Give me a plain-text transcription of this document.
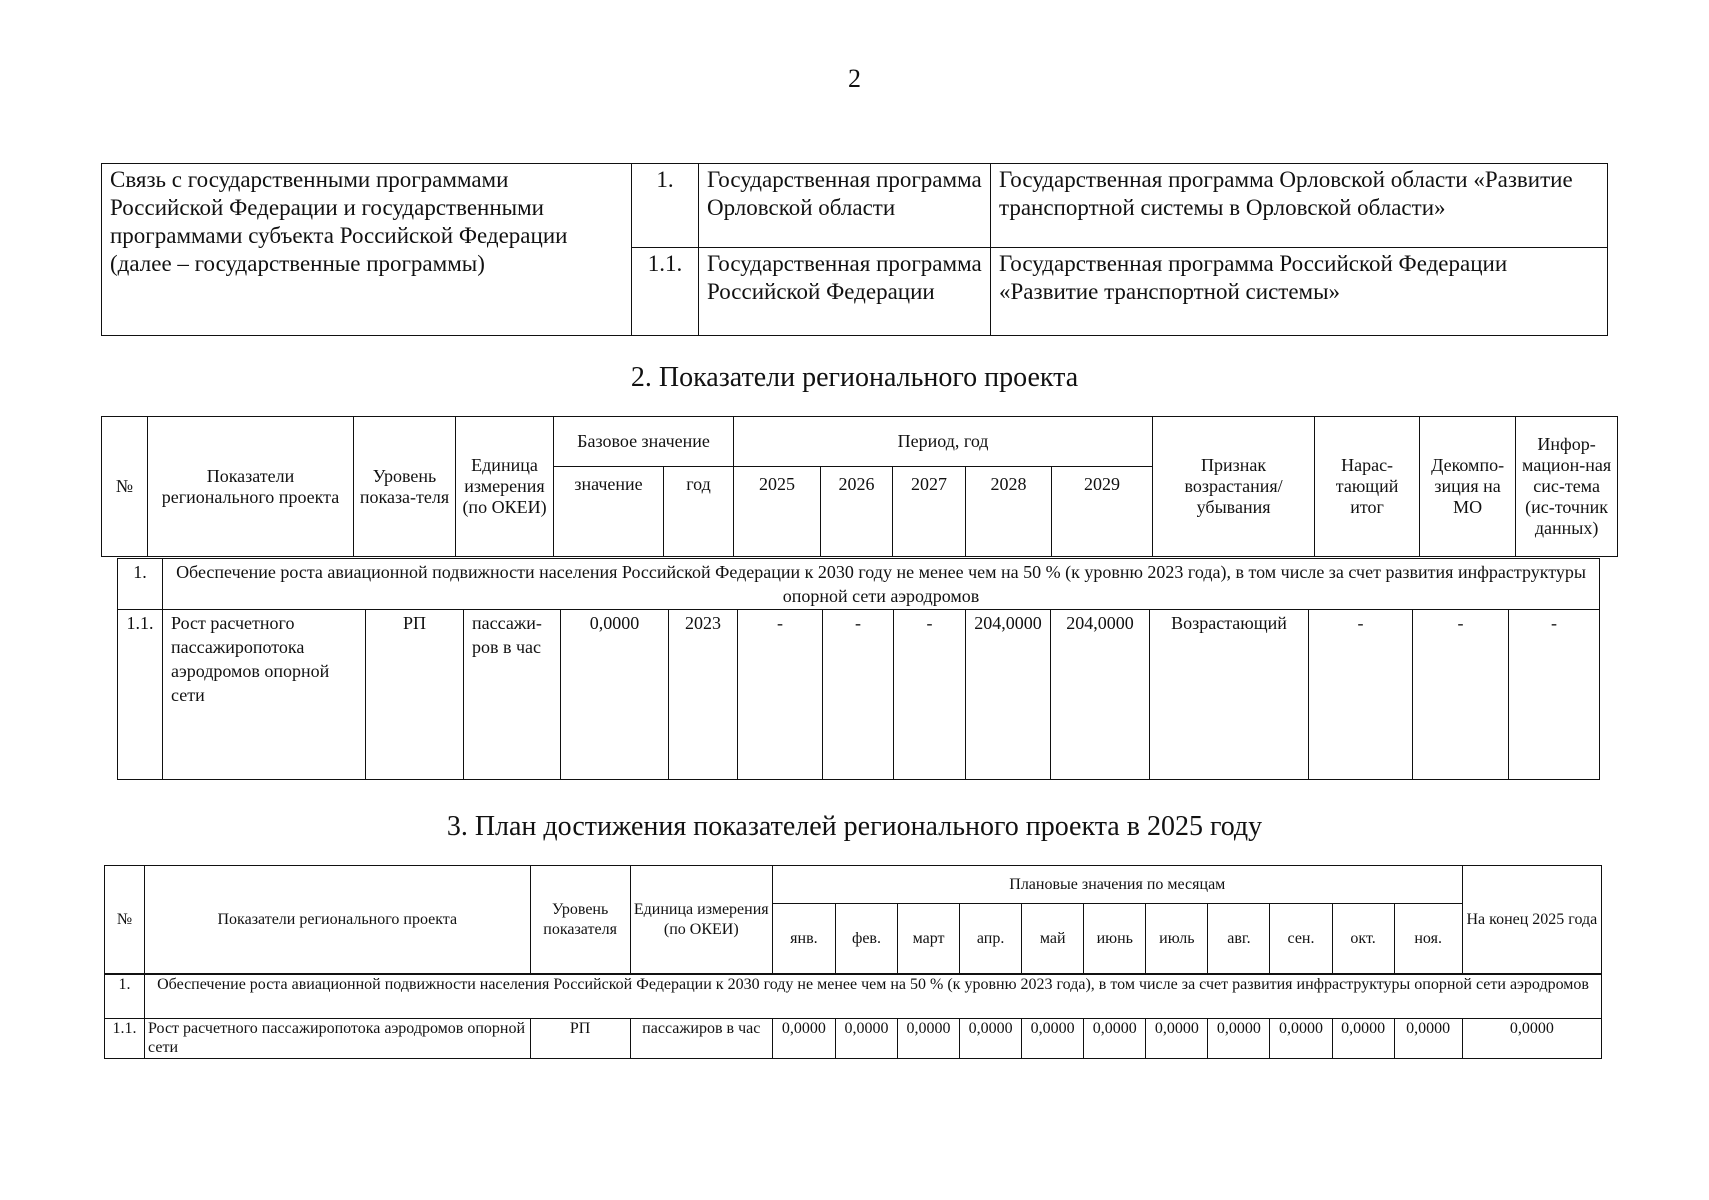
2
Связь с государственными программами Российской Федерации и государственными программами субъекта Российской Федерации (далее – государственные программы)	1.	Государственная программа Орловской области	Государственная программа Орловской области «Развитие транспортной системы в Орловской области»
	1.1.	Государственная программа Российской Федерации	Государственная программа Российской Федерации «Развитие транспортной системы»
2. Показатели регионального проекта
№	Показатели регионального проекта	Уровень показа-теля	Единица измерения (по ОКЕИ)	Базовое значение		Период, год					Признак возрастания/ убывания	Нарас-тающий итог	Декомпо-зиция на МО	Инфор-мацион-ная сис-тема (ис-точник данных)
				значение	год	2025	2026	2027	2028	2029				
1.	Обеспечение роста авиационной подвижности населения Российской Федерации к 2030 году не менее чем на 50 % (к уровню 2023 года), в том числе за счет развития инфраструктуры опорной сети аэродромов													
1.1.	Рост расчетного пассажиропотока аэродромов опорной сети	РП	пассажи-ров в час	0,0000	2023	-	-	-	204,0000	204,0000	Возрастающий	-	-	-
3. План достижения показателей регионального проекта в 2025 году
№	Показатели регионального проекта	Уровень показателя	Единица измерения (по ОКЕИ)	Плановые значения по месяцам											На конец 2025 года
				янв.	фев.	март	апр.	май	июнь	июль	авг.	сен.	окт.	ноя.	
1.	Обеспечение роста авиационной подвижности населения Российской Федерации к 2030 году не менее чем на 50 % (к уровню 2023 года), в том числе за счет развития инфраструктуры опорной сети аэродромов														
1.1.	Рост расчетного пассажиропотока аэродромов опорной сети	РП	пассажиров в час	0,0000	0,0000	0,0000	0,0000	0,0000	0,0000	0,0000	0,0000	0,0000	0,0000	0,0000	0,0000
